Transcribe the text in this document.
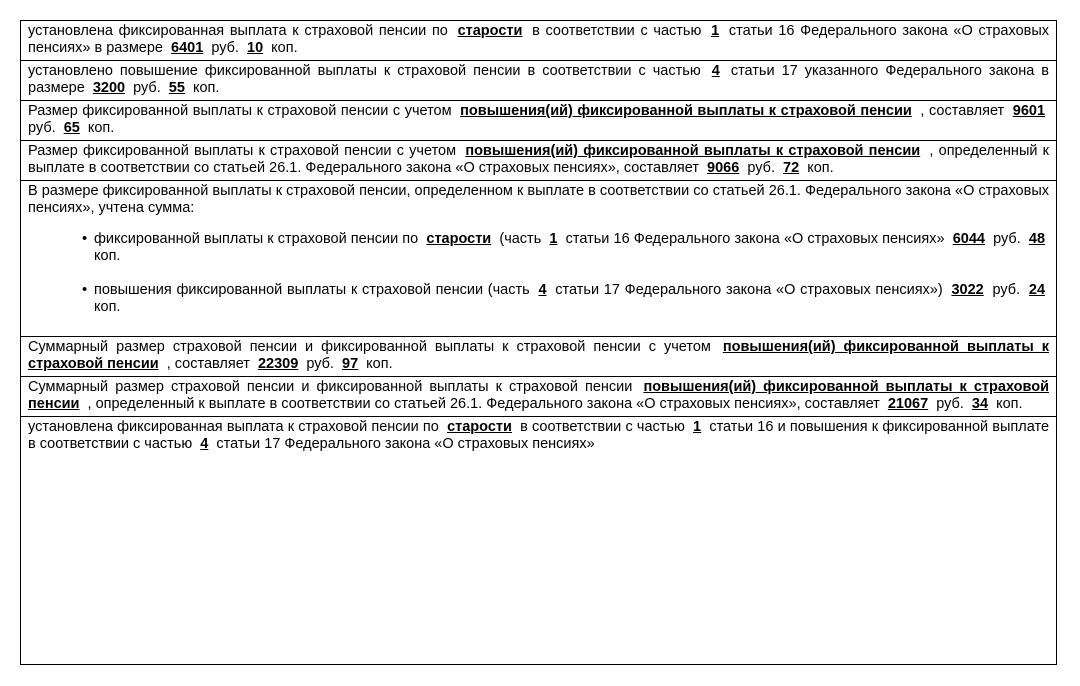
установлена фиксированная выплата к страховой пенсии по старости в соответствии с частью 1 статьи 16 Федерального закона «О страховых пенсиях» в размере 6401 руб. 10 коп.
установлено повышение фиксированной выплаты к страховой пенсии в соответствии с частью 4 статьи 17 указанного Федерального закона в размере 3200 руб. 55 коп.
Размер фиксированной выплаты к страховой пенсии с учетом повышения(ий) фиксированной выплаты к страховой пенсии , составляет 9601 руб. 65 коп.
Размер фиксированной выплаты к страховой пенсии с учетом повышения(ий) фиксированной выплаты к страховой пенсии , определенный к выплате в соответствии со статьей 26.1. Федерального закона «О страховых пенсиях», составляет 9066 руб. 72 коп.
В размере фиксированной выплаты к страховой пенсии, определенном к выплате в соответствии со статьей 26.1. Федерального закона «О страховых пенсиях», учтена сумма:
• фиксированной выплаты к страховой пенсии по старости (часть 1 статьи 16 Федерального закона «О страховых пенсиях» 6044 руб. 48 коп.
• повышения фиксированной выплаты к страховой пенсии (часть 4 статьи 17 Федерального закона «О страховых пенсиях») 3022 руб. 24 коп.
Суммарный размер страховой пенсии и фиксированной выплаты к страховой пенсии с учетом повышения(ий) фиксированной выплаты к страховой пенсии , составляет 22309 руб. 97 коп.
Суммарный размер страховой пенсии и фиксированной выплаты к страховой пенсии повышения(ий) фиксированной выплаты к страховой пенсии , определенный к выплате в соответствии со статьей 26.1. Федерального закона «О страховых пенсиях», составляет 21067 руб. 34 коп.
установлена фиксированная выплата к страховой пенсии по старости в соответствии с частью 1 статьи 16 и повышения к фиксированной выплате в соответствии с частью 4 статьи 17 Федерального закона «О страховых пенсиях»
